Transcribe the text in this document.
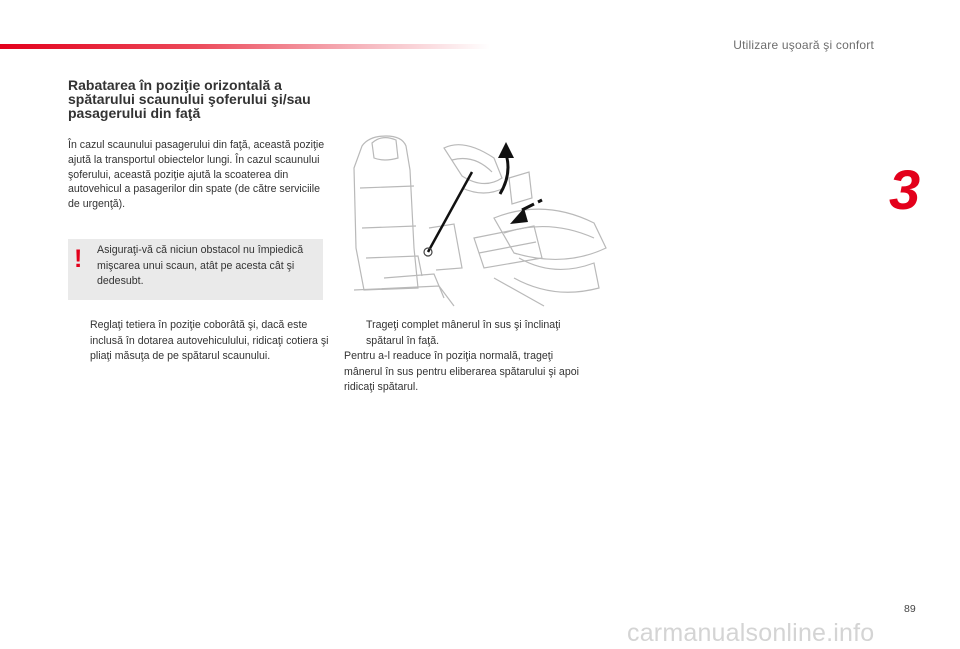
Utilizare uşoară şi confort
3
Rabatarea în poziţie orizontală a spătarului scaunului şoferului şi/sau pasagerului din faţă

În cazul scaunului pasagerului din faţă, această poziţie ajută la transportul obiectelor lungi. În cazul scaunului şoferului, această poziţie ajută la scoaterea din autovehicul a pasagerilor din spate (de către serviciile de urgenţă).

! Asiguraţi-vă că niciun obstacol nu împiedică mişcarea unui scaun, atât pe acesta cât şi dedesubt.

Reglaţi tetiera în poziţie coborâtă şi, dacă este inclusă în dotarea autovehiculului, ridicaţi cotiera şi pliaţi măsuţa de pe spătarul scaunului.
Trageţi complet mânerul în sus şi înclinaţi spătarul în faţă.

Pentru a-l readuce în poziţia normală, trageţi mânerul în sus pentru eliberarea spătarului şi apoi ridicaţi spătarul.

89
carmanualsonline.info
